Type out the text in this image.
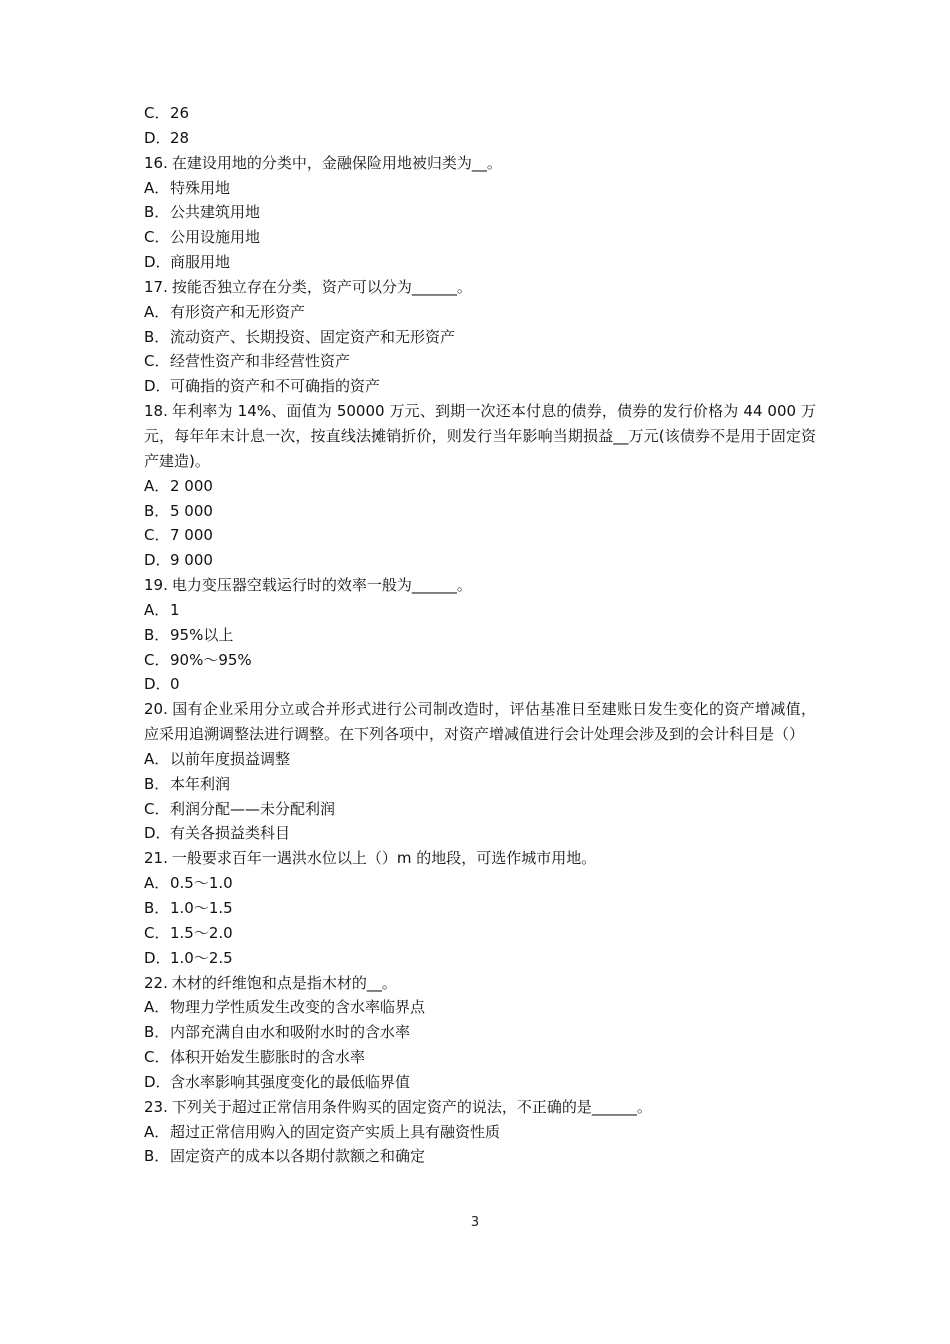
C．26
D．28
16. 在建设用地的分类中，金融保险用地被归类为__。
A．特殊用地
B．公共建筑用地
C．公用设施用地
D．商服用地
17. 按能否独立存在分类，资产可以分为______。
A．有形资产和无形资产
B．流动资产、长期投资、固定资产和无形资产
C．经营性资产和非经营性资产
D．可确指的资产和不可确指的资产
18. 年利率为 14%、面值为 50000 万元、到期一次还本付息的债券，债券的发行价格为 44 000 万元，每年年末计息一次，按直线法摊销折价，则发行当年影响当期损益__万元(该债券不是用于固定资产建造)。
A．2 000
B．5 000
C．7 000
D．9 000
19. 电力变压器空载运行时的效率一般为______。
A．1
B．95%以上
C．90%～95%
D．0
20. 国有企业采用分立或合并形式进行公司制改造时，评估基准日至建账日发生变化的资产增减值，应采用追溯调整法进行调整。在下列各项中，对资产增减值进行会计处理会涉及到的会计科目是（）
A．以前年度损益调整
B．本年利润
C．利润分配——未分配利润
D．有关各损益类科目
21. 一般要求百年一遇洪水位以上（）m 的地段，可选作城市用地。
A．0.5～1.0
B．1.0～1.5
C．1.5～2.0
D．1.0～2.5
22. 木材的纤维饱和点是指木材的__。
A．物理力学性质发生改变的含水率临界点
B．内部充满自由水和吸附水时的含水率
C．体积开始发生膨胀时的含水率
D．含水率影响其强度变化的最低临界值
23. 下列关于超过正常信用条件购买的固定资产的说法，不正确的是______。
A．超过正常信用购入的固定资产实质上具有融资性质
B．固定资产的成本以各期付款额之和确定
3
